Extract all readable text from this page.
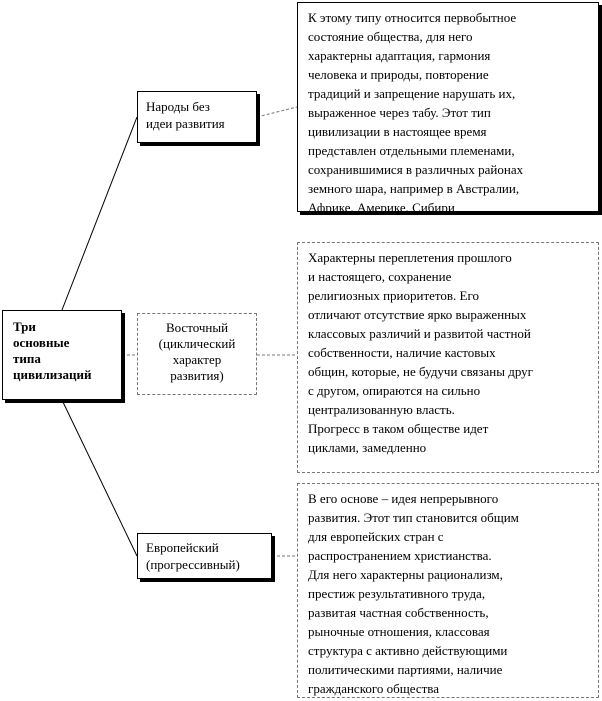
Три
основные
типа
цивилизаций
Народы без
идеи развития
Восточный
(циклический
характер
развития)
Европейский
(прогрессивный)
К этому типу относится первобытное
состояние общества, для него
характерны адаптация, гармония
человека и природы, повторение
традиций и запрещение нарушать их,
выраженное через табу. Этот тип
цивилизации в настоящее время
представлен отдельными племенами,
сохранившимися в различных районах
земного шара, например в Австралии,
Африке, Америке, Сибири
Характерны переплетения прошлого
и настоящего, сохранение
религиозных приоритетов. Его
отличают отсутствие ярко выраженных
классовых различий и развитой частной
собственности, наличие кастовых
общин, которые, не будучи связаны друг
с другом, опираются на сильно
централизованную власть.
Прогресс в таком обществе идет
циклами, замедленно
В его основе – идея непрерывного
развития. Этот тип становится общим
для европейских стран с
распространением христианства.
Для него характерны рационализм,
престиж результативного труда,
развитая частная собственность,
рыночные отношения, классовая
структура с активно действующими
политическими партиями, наличие
гражданского общества
